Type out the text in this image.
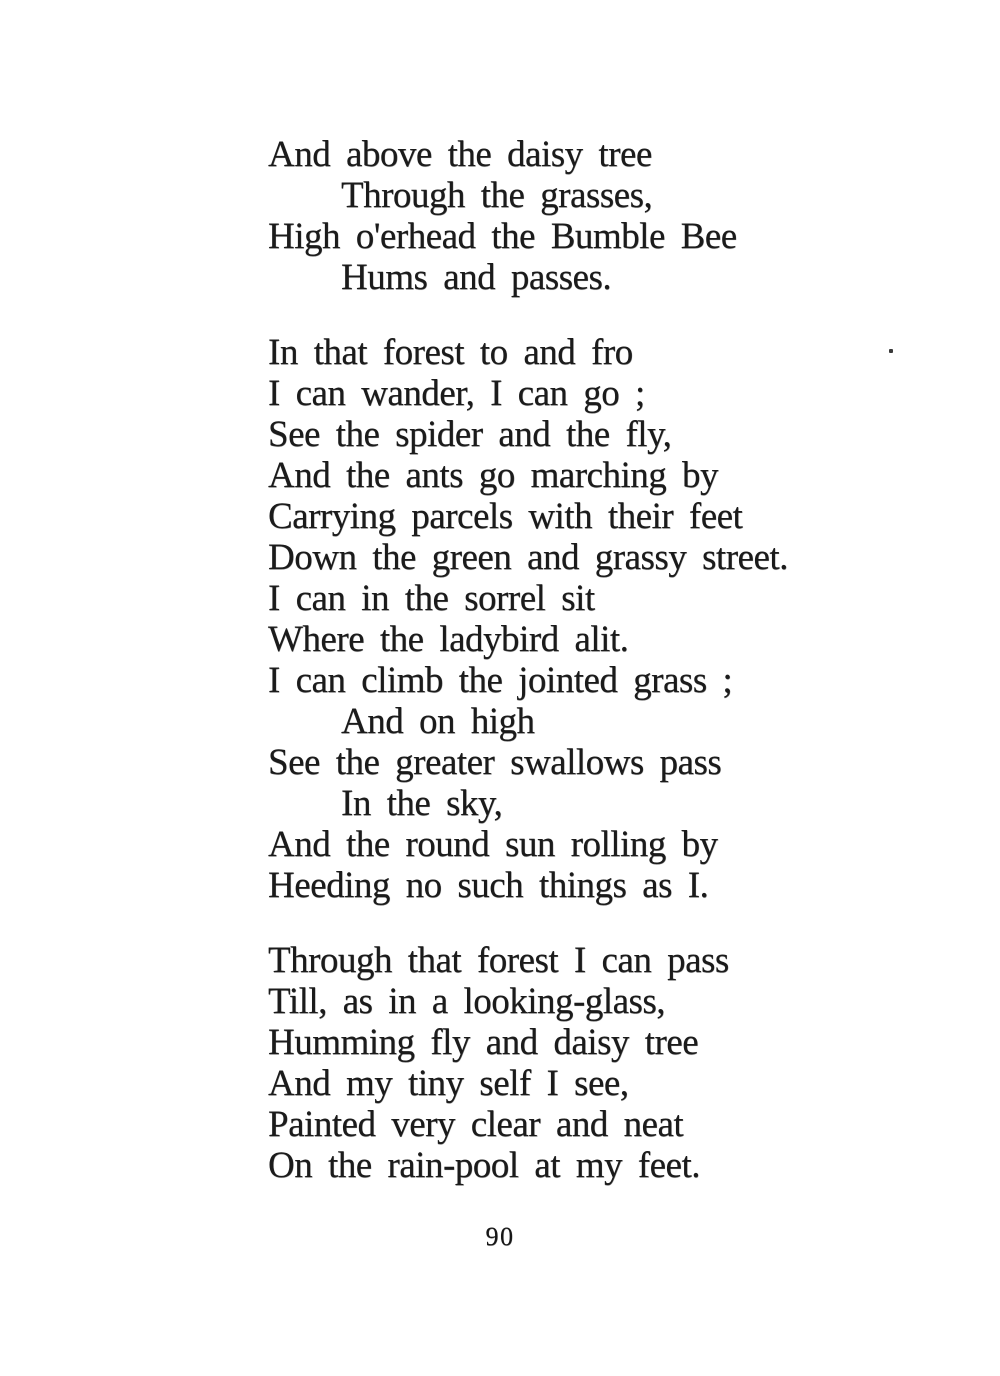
And above the daisy tree
Through the grasses,
High o'erhead the Bumble Bee
Hums and passes.
In that forest to and fro
I can wander, I can go ;
See the spider and the fly,
And the ants go marching by
Carrying parcels with their feet
Down the green and grassy street.
I can in the sorrel sit
Where the ladybird alit.
I can climb the jointed grass ;
And on high
See the greater swallows pass
In the sky,
And the round sun rolling by
Heeding no such things as I.
Through that forest I can pass
Till, as in a looking-glass,
Humming fly and daisy tree
And my tiny self I see,
Painted very clear and neat
On the rain-pool at my feet.
90
